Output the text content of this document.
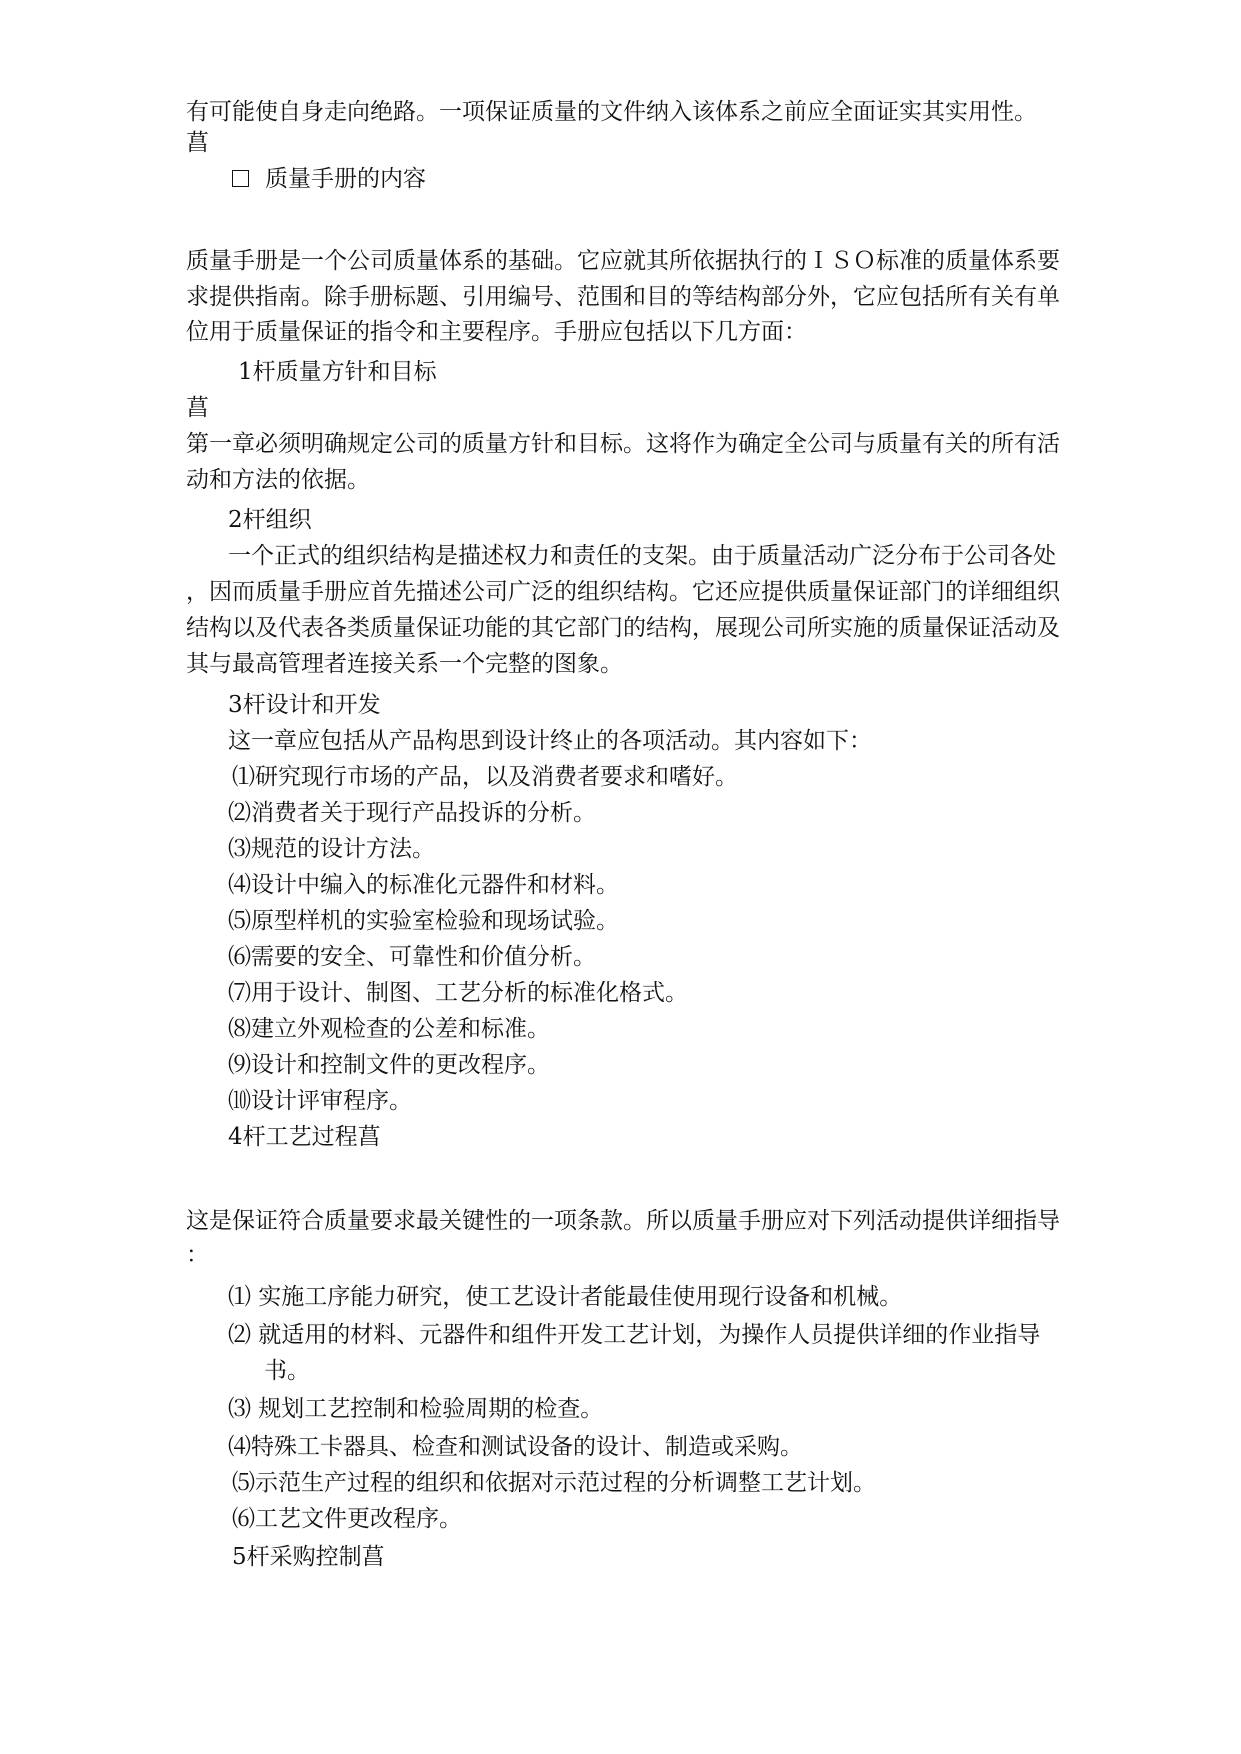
有可能使自身走向绝路。一项保证质量的文件纳入该体系之前应全面证实其实用性。
菖
质量手册的内容
质量手册是一个公司质量体系的基础。它应就其所依据执行的ＩＳＯ标准的质量体系要
求提供指南。除手册标题、引用编号、范围和目的等结构部分外，它应包括所有关有单
位用于质量保证的指令和主要程序。手册应包括以下几方面：
1杆质量方针和目标
菖
第一章必须明确规定公司的质量方针和目标。这将作为确定全公司与质量有关的所有活
动和方法的依据。
2杆组织
一个正式的组织结构是描述权力和责任的支架。由于质量活动广泛分布于公司各处
，因而质量手册应首先描述公司广泛的组织结构。它还应提供质量保证部门的详细组织
结构以及代表各类质量保证功能的其它部门的结构，展现公司所实施的质量保证活动及
其与最高管理者连接关系一个完整的图象。
3杆设计和开发
这一章应包括从产品构思到设计终止的各项活动。其内容如下：
⑴研究现行市场的产品，以及消费者要求和嗜好。
⑵消费者关于现行产品投诉的分析。
⑶规范的设计方法。
⑷设计中编入的标准化元器件和材料。
⑸原型样机的实验室检验和现场试验。
⑹需要的安全、可靠性和价值分析。
⑺用于设计、制图、工艺分析的标准化格式。
⑻建立外观检查的公差和标准。
⑼设计和控制文件的更改程序。
⑽设计评审程序。
4杆工艺过程菖
这是保证符合质量要求最关键性的一项条款。所以质量手册应对下列活动提供详细指导
：
⑴ 实施工序能力研究，使工艺设计者能最佳使用现行设备和机械。
⑵ 就适用的材料、元器件和组件开发工艺计划，为操作人员提供详细的作业指导
书。
⑶ 规划工艺控制和检验周期的检查。
⑷特殊工卡器具、检查和测试设备的设计、制造或采购。
⑸示范生产过程的组织和依据对示范过程的分析调整工艺计划。
⑹工艺文件更改程序。
5杆采购控制菖
